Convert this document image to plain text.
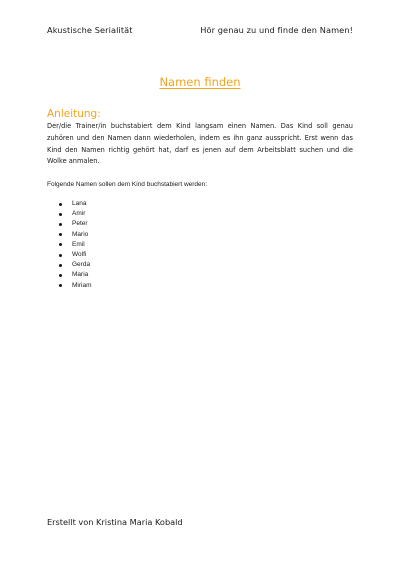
Akustische Serialität	Hör genau zu und finde den Namen!
Namen finden
Anleitung:
Der/die Trainer/in buchstabiert dem Kind langsam einen Namen. Das Kind soll genau zuhören und den Namen dann wiederholen, indem es ihn ganz ausspricht. Erst wenn das Kind den Namen richtig gehört hat, darf es jenen auf dem Arbeitsblatt suchen und die Wolke anmalen.
Folgende Namen sollen dem Kind buchstabiert werden:
Lana
Amir
Peter
Mario
Emil
Wolfi
Gerda
Maria
Miriam
Erstellt von Kristina Maria Kobald
